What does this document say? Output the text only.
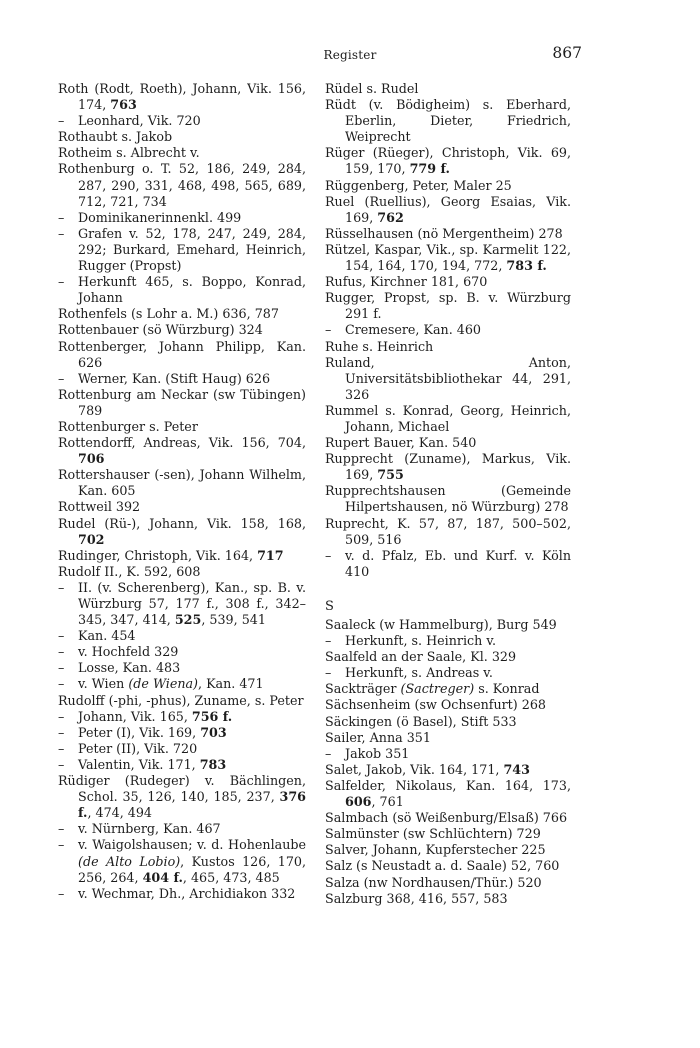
Register	867
Roth (Rodt, Roeth), Johann, Vik. 156, 174, 763
– Leonhard, Vik. 720
Rothaubt s. Jakob
Rotheim s. Albrecht v.
Rothenburg o. T. 52, 186, 249, 284, 287, 290, 331, 468, 498, 565, 689, 712, 721, 734
– Dominikanerinnenkl. 499
– Grafen v. 52, 178, 247, 249, 284, 292; Burkard, Emehard, Heinrich, Rugger (Propst)
– Herkunft 465, s. Boppo, Konrad, Johann
Rothenfels (s Lohr a. M.) 636, 787
Rottenbauer (sö Würzburg) 324
Rottenberger, Johann Philipp, Kan. 626
– Werner, Kan. (Stift Haug) 626
Rottenburg am Neckar (sw Tübingen) 789
Rottenburger s. Peter
Rottendorff, Andreas, Vik. 156, 704, 706
Rottershauser (-sen), Johann Wilhelm, Kan. 605
Rottweil 392
Rudel (Rü-), Johann, Vik. 158, 168, 702
Rudinger, Christoph, Vik. 164, 717
Rudolf II., K. 592, 608
– II. (v. Scherenberg), Kan., sp. B. v. Würzburg 57, 177 f., 308 f., 342–345, 347, 414, 525, 539, 541
– Kan. 454
– v. Hochfeld 329
– Losse, Kan. 483
– v. Wien (de Wiena), Kan. 471
Rudolff (-phi, -phus), Zuname, s. Peter
– Johann, Vik. 165, 756 f.
– Peter (I), Vik. 169, 703
– Peter (II), Vik. 720
– Valentin, Vik. 171, 783
Rüdiger (Rudeger) v. Bächlingen, Schol. 35, 126, 140, 185, 237, 376 f., 474, 494
– v. Nürnberg, Kan. 467
– v. Waigolshausen; v. d. Hohenlaube (de Alto Lobio), Kustos 126, 170, 256, 264, 404 f., 465, 473, 485
– v. Wechmar, Dh., Archidiakon 332
Rüdel s. Rudel
Rüdt (v. Bödigheim) s. Eberhard, Eberlin, Dieter, Friedrich, Weiprecht
Rüger (Rüeger), Christoph, Vik. 69, 159, 170, 779 f.
Rüggenberg, Peter, Maler 25
Ruel (Ruellius), Georg Esaias, Vik. 169, 762
Rüsselhausen (nö Mergentheim) 278
Rützel, Kaspar, Vik., sp. Karmelit 122, 154, 164, 170, 194, 772, 783 f.
Rufus, Kirchner 181, 670
Rugger, Propst, sp. B. v. Würzburg 291 f.
– Cremesere, Kan. 460
Ruhe s. Heinrich
Ruland, Anton, Universitätsbibliothekar 44, 291, 326
Rummel s. Konrad, Georg, Heinrich, Johann, Michael
Rupert Bauer, Kan. 540
Rupprecht (Zuname), Markus, Vik. 169, 755
Rupprechtshausen (Gemeinde Hilpertshausen, nö Würzburg) 278
Ruprecht, K. 57, 87, 187, 500–502, 509, 516
– v. d. Pfalz, Eb. und Kurf. v. Köln 410
S
Saaleck (w Hammelburg), Burg 549
– Herkunft, s. Heinrich v.
Saalfeld an der Saale, Kl. 329
– Herkunft, s. Andreas v.
Sackträger (Sactreger) s. Konrad
Sächsenheim (sw Ochsenfurt) 268
Säckingen (ö Basel), Stift 533
Sailer, Anna 351
– Jakob 351
Salet, Jakob, Vik. 164, 171, 743
Salfelder, Nikolaus, Kan. 164, 173, 606, 761
Salmbach (sö Weißenburg/Elsaß) 766
Salmünster (sw Schlüchtern) 729
Salver, Johann, Kupferstecher 225
Salz (s Neustadt a. d. Saale) 52, 760
Salza (nw Nordhausen/Thür.) 520
Salzburg 368, 416, 557, 583
